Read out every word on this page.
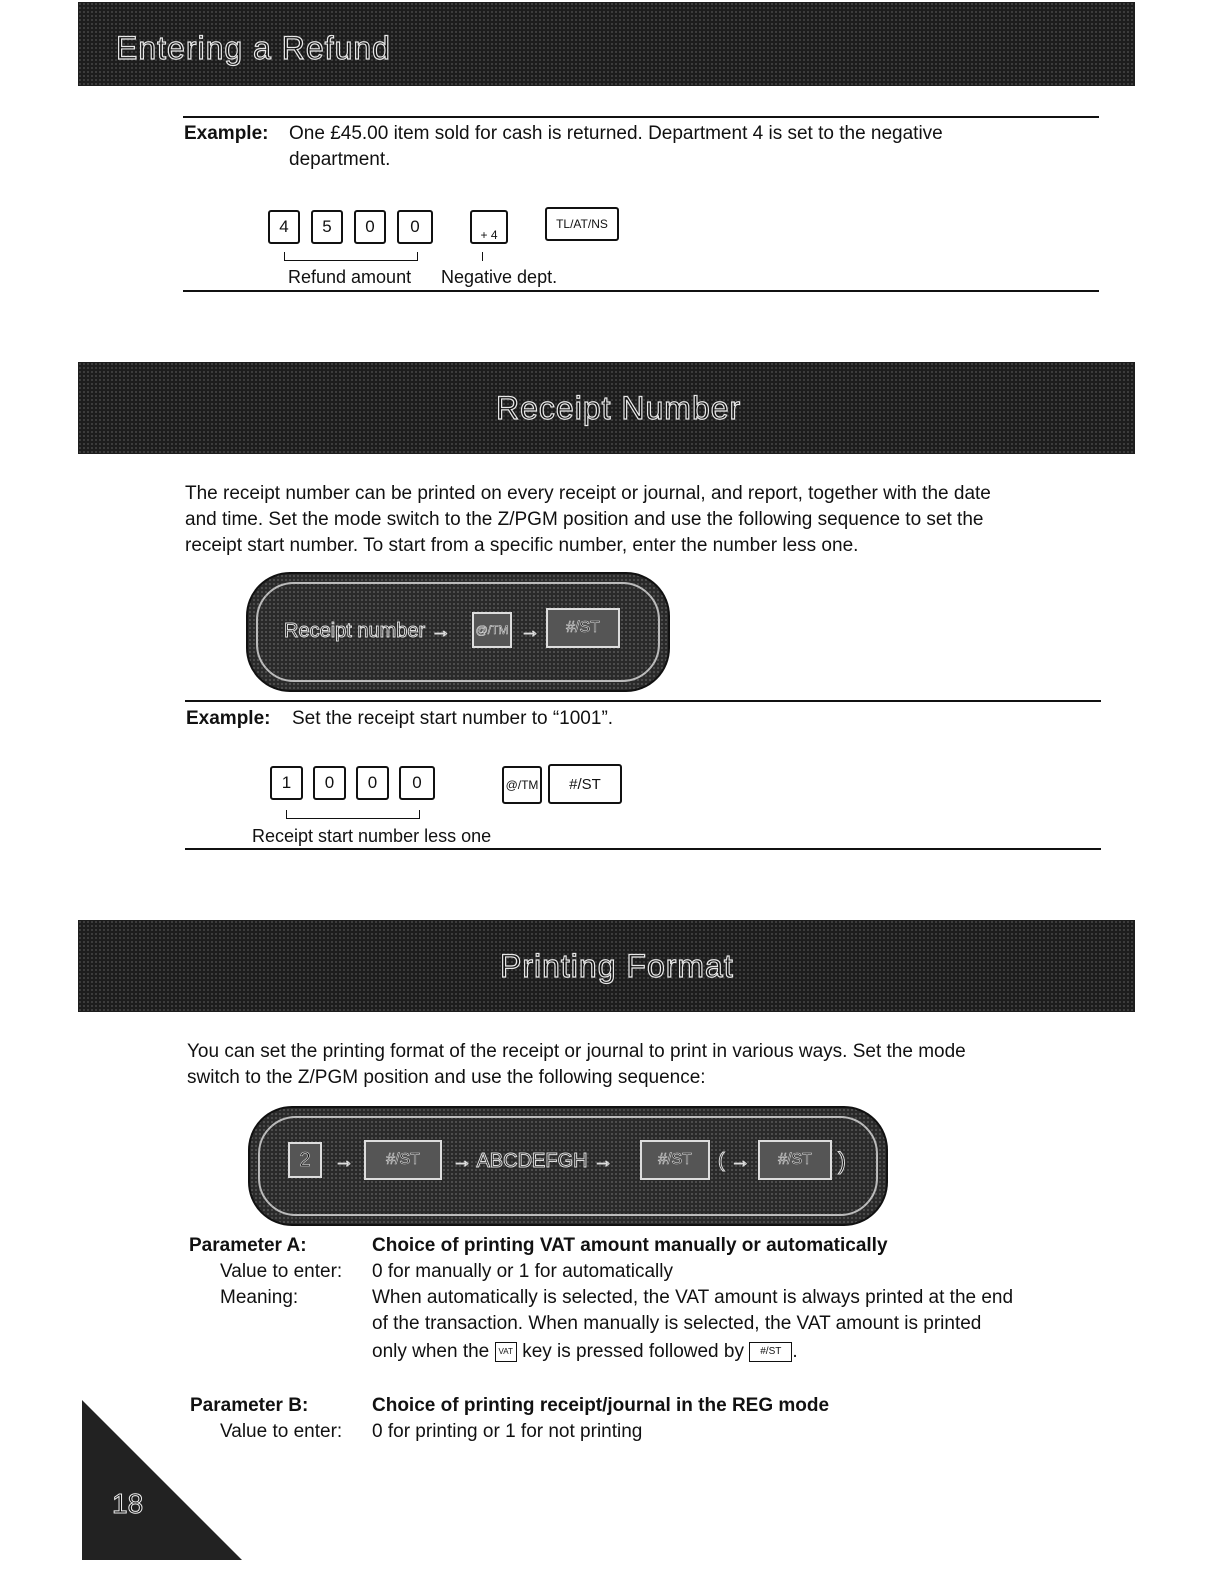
Entering a Refund
Example: One £45.00 item sold for cash is returned. Department 4 is set to the negative
department.
4	5	0	0	+ 4
TL/AT/NS
Refund amount Negative dept.
Receipt Number
The receipt number can be printed on every receipt or journal, and report, together with the date
and time. Set the mode switch to the Z/PGM position and use the following sequence to set the
receipt start number. To start from a specific number, enter the number less one.
Receipt number → @/TM →	#/ST
Example: Set the receipt start number to “1001”.
1	0	0	0	@/TM	#/ST
Receipt start number less one
Printing Format
You can set the printing format of the receipt or journal to print in various ways. Set the mode
switch to the Z/PGM position and use the following sequence:
2	→	#/ST	→ ABCDEFGH →	#/ST	( →	#/ST	)
Parameter A:	Choice of printing VAT amount manually or automatically
Value to enter: 0 for manually or 1 for automatically
Meaning:	When automatically is selected, the VAT amount is always printed at the end
of the transaction. When manually is selected, the VAT amount is printed
only when the VAT key is pressed followed by #/ST .
Parameter B:	Choice of printing receipt/journal in the REG mode
Value to enter: 0 for printing or 1 for not printing
18
